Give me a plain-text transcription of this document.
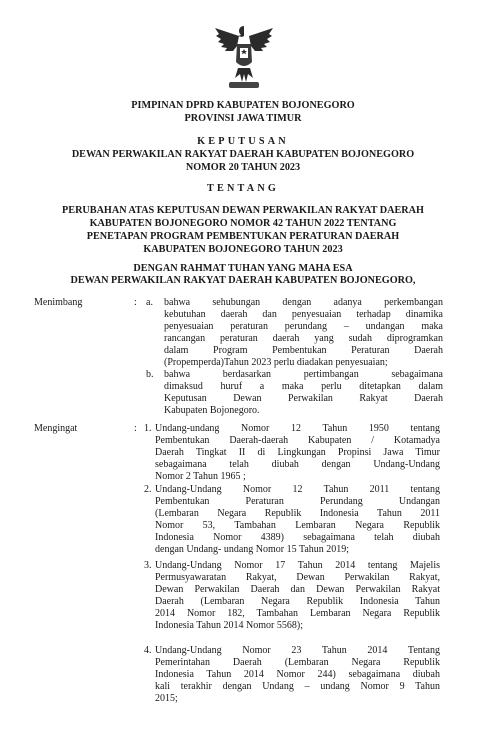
PIMPINAN DPRD KABUPATEN BOJONEGORO
PROVINSI JAWA TIMUR
KEPUTUSAN
DEWAN PERWAKILAN RAKYAT DAERAH KABUPATEN BOJONEGORO
NOMOR 20 TAHUN 2023
TENTANG
PERUBAHAN ATAS KEPUTUSAN DEWAN PERWAKILAN RAKYAT DAERAH
KABUPATEN BOJONEGORO NOMOR 42 TAHUN 2022 TENTANG
PENETAPAN PROGRAM PEMBENTUKAN PERATURAN DAERAH
KABUPATEN BOJONEGORO TAHUN 2023
DENGAN RAHMAT TUHAN YANG MAHA ESA
DEWAN PERWAKILAN RAKYAT DAERAH KABUPATEN BOJONEGORO,
Menimbang	: a. bahwa sehubungan dengan adanya perkembangan
kebutuhan daerah dan penyesuaian terhadap dinamika
penyesuaian peraturan perundang – undangan maka
rancangan peraturan daerah yang sudah diprogramkan
dalam Program Pembentukan Peraturan Daerah
(Propemperda)Tahun 2023 perlu diadakan penyesuaian;
b. bahwa berdasarkan pertimbangan sebagaimana
dimaksud huruf a maka perlu ditetapkan dalam
Keputusan Dewan Perwakilan Rakyat Daerah
Kabupaten Bojonegoro.
Mengingat	: 1. Undang-undang Nomor 12 Tahun 1950 tentang
Pembentukan Daerah-daerah Kabupaten / Kotamadya
Daerah Tingkat II di Lingkungan Propinsi Jawa Timur
sebagaimana telah diubah dengan Undang-Undang
Nomor 2 Tahun 1965 ;
2. Undang-Undang Nomor 12 Tahun 2011 tentang
Pembentukan Peraturan Perundang Undangan
(Lembaran Negara Republik Indonesia Tahun 2011
Nomor 53, Tambahan Lembaran Negara Republik
Indonesia Nomor 4389) sebagaimana telah diubah
dengan Undang- undang Nomor 15 Tahun 2019;
3. Undang-Undang Nomor 17 Tahun 2014 tentang Majelis
Permusyawaratan Rakyat, Dewan Perwakilan Rakyat,
Dewan Perwakilan Daerah dan Dewan Perwakilan Rakyat
Daerah (Lembaran Negara Republik Indonesia Tahun
2014 Nomor 182, Tambahan Lembaran Negara Republik
Indonesia Tahun 2014 Nomor 5568);
4. Undang-Undang Nomor 23 Tahun 2014 Tentang
Pemerintahan Daerah (Lembaran Negara Republik
Indonesia Tahun 2014 Nomor 244) sebagaimana diubah
kali terakhir dengan Undang – undang Nomor 9 Tahun
2015;
